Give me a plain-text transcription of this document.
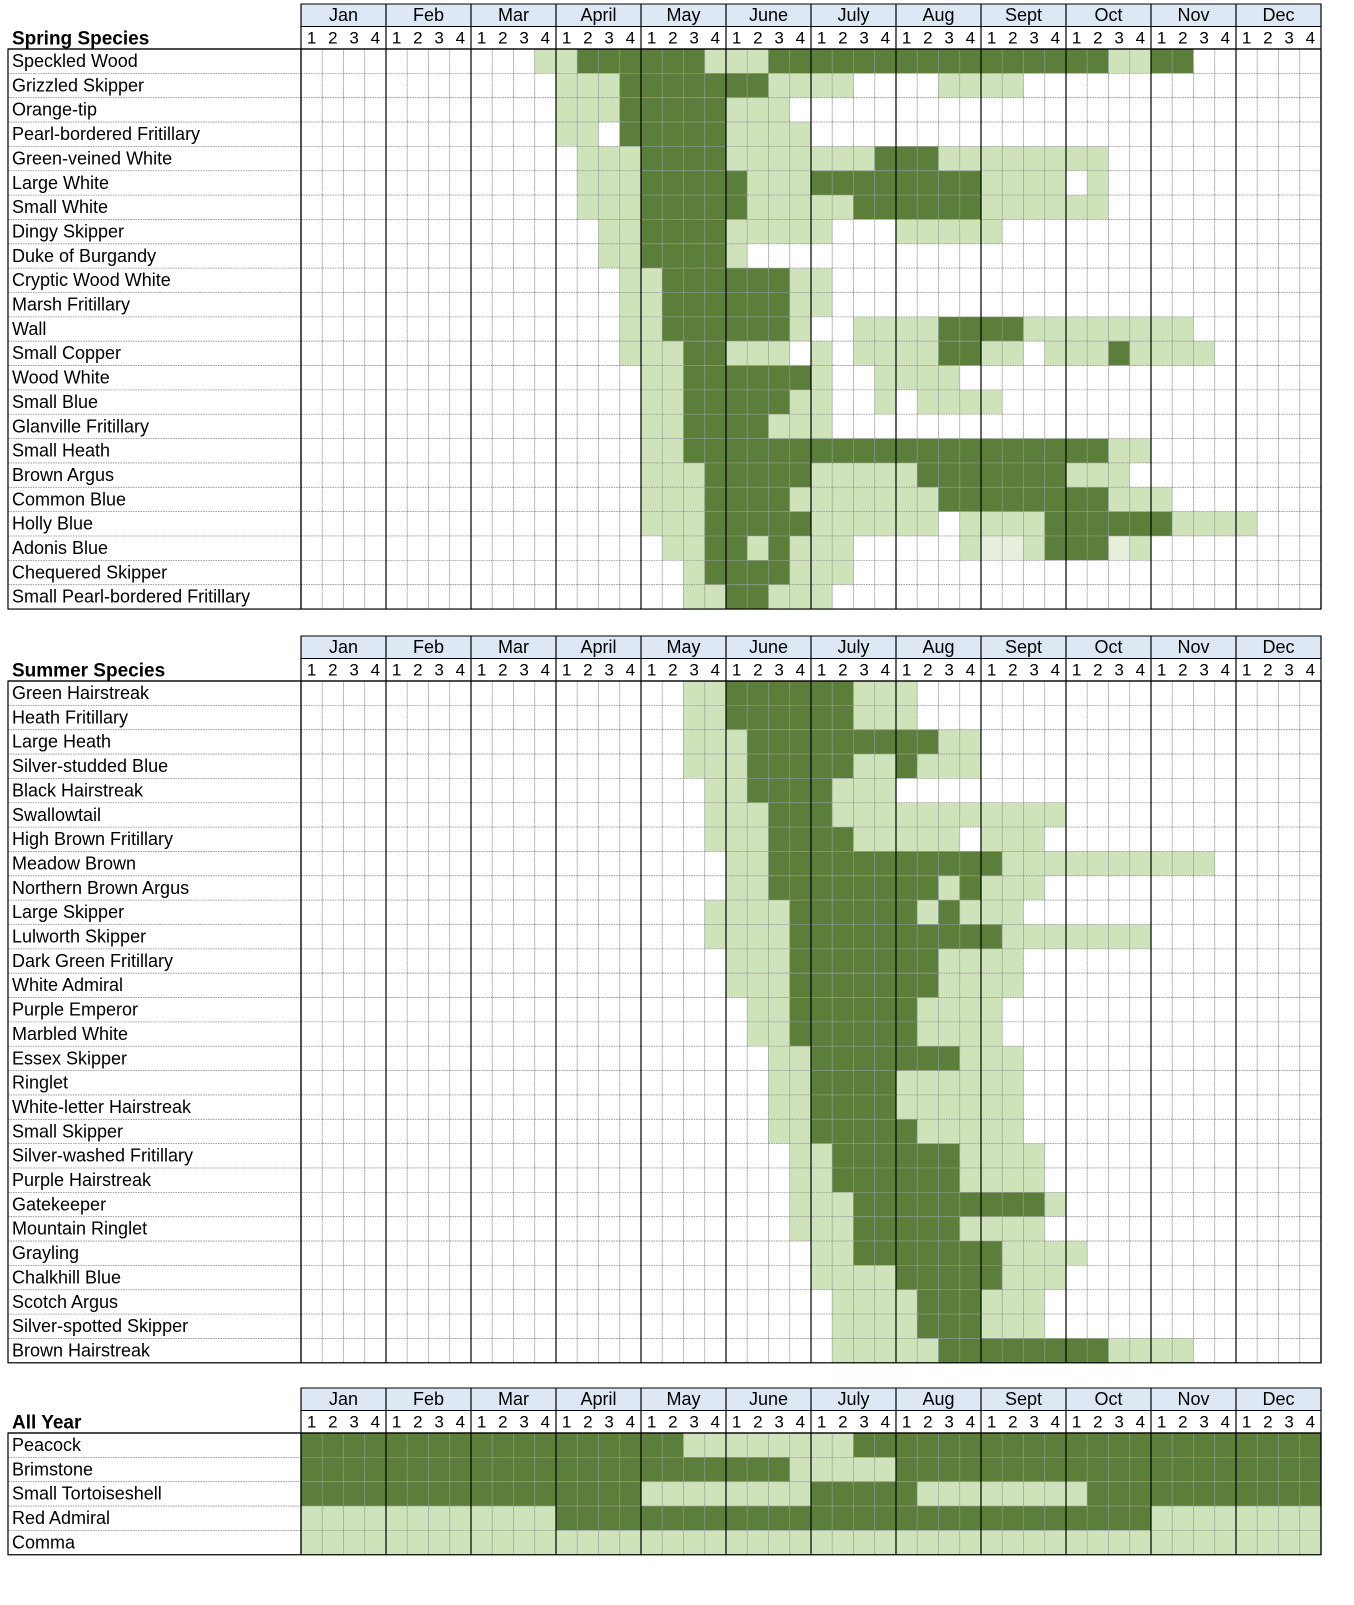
Jan
1 2 3 4
Feb
1 2 3 4
Mar
1 2 3 4
April
1 2 3 4
May
1 2 3 4
June
1 2 3 4
July
1 2 3 4
Aug
1 2 3 4
Sept
1 2 3 4
Oct
1 2 3 4
Nov
1 2 3 4
Dec
1 2 3 4
Spring Species
Speckled Wood
Grizzled Skipper
Orange-tip
Pearl-bordered Fritillary
Green-veined White
Large White
Small White
Dingy Skipper
Duke of Burgandy
Cryptic Wood White
Marsh Fritillary
Wall
Small Copper
Wood White
Small Blue
Glanville Fritillary
Small Heath
Brown Argus
Common Blue
Holly Blue
Adonis Blue
Chequered Skipper
Small Pearl-bordered Fritillary
Jan
1 2 3 4
Feb
1 2 3 4
Mar
1 2 3 4
April
1 2 3 4
May
1 2 3 4
June
1 2 3 4
July
1 2 3 4
Aug
1 2 3 4
Sept
1 2 3 4
Oct
1 2 3 4
Nov
1 2 3 4
Dec
1 2 3 4
Summer Species
Green Hairstreak
Heath Fritillary
Large Heath
Silver-studded Blue
Black Hairstreak
Swallowtail
High Brown Fritillary
Meadow Brown
Northern Brown Argus
Large Skipper
Lulworth Skipper
Dark Green Fritillary
White Admiral
Purple Emperor
Marbled White
Essex Skipper
Ringlet
White-letter Hairstreak
Small Skipper
Silver-washed Fritillary
Purple Hairstreak
Gatekeeper
Mountain Ringlet
Grayling
Chalkhill Blue
Scotch Argus
Silver-spotted Skipper
Brown Hairstreak
Jan
1 2 3 4
Feb
1 2 3 4
Mar
1 2 3 4
April
1 2 3 4
May
1 2 3 4
June
1 2 3 4
July
1 2 3 4
Aug
1 2 3 4
Sept
1 2 3 4
Oct
1 2 3 4
Nov
1 2 3 4
Dec
1 2 3 4
All Year
Peacock
Brimstone
Small Tortoiseshell
Red Admiral
Comma
